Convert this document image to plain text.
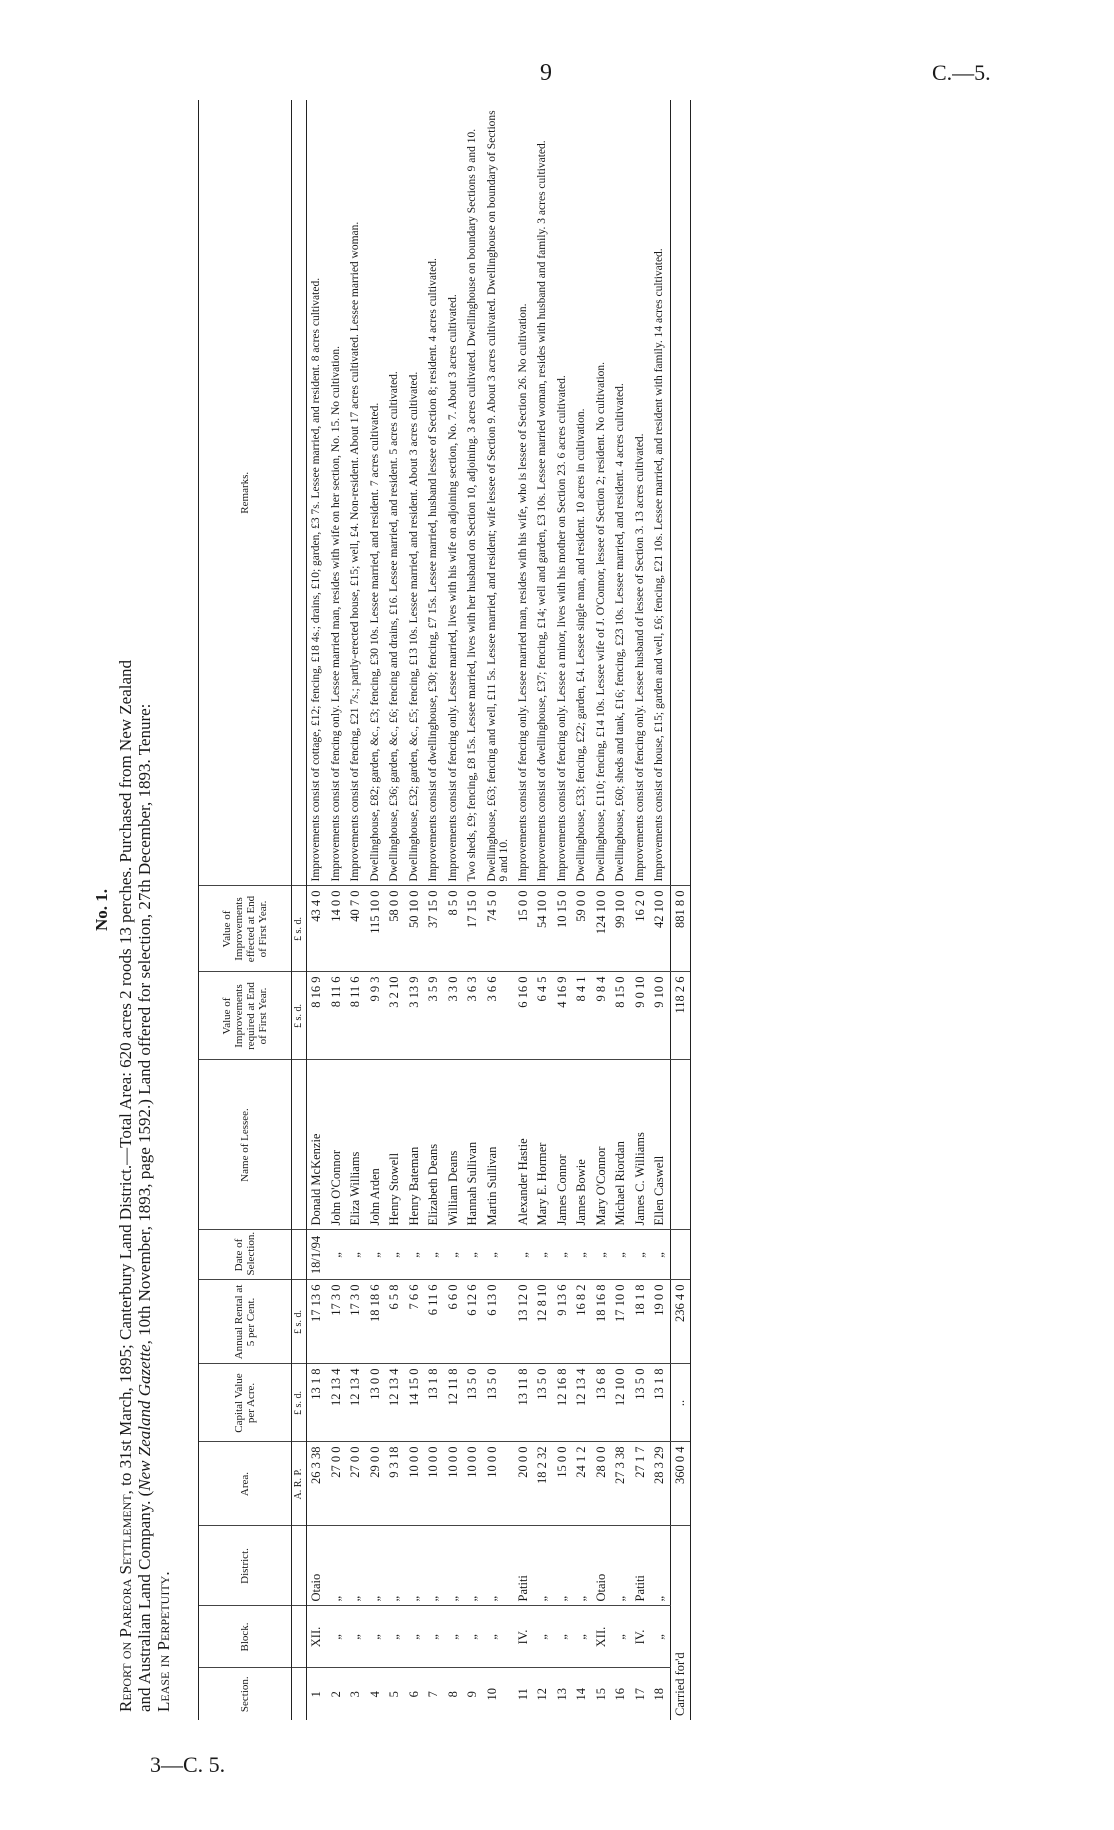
9	C.—5.
3—C. 5.
No. 1.
Report on Pareora Settlement, to 31st March, 1895; Canterbury Land District.—Total Area: 620 acres 2 roods 13 perches. Purchased from New Zealand
and Australian Land Company. (New Zealand Gazette, 10th November, 1893, page 1592.) Land offered for selection, 27th December, 1893. Tenure:
Lease in Perpetuity.	Section.	Block.	District.	Area.	Capital Value per Acre.	Annual Rental at 5 per Cent.	Date of Selection.	Name of Lessee.	Value of Improvements required at End of First Year.	Value of Improvements effected at End of First Year.	Remarks.
			A. R. P.	£ s. d.	£ s. d.			£ s. d.	£ s. d.	
1	XII.	Otaio	26 3 38	13 1 8	17 13 6	18/1/94	Donald McKenzie	8 16 9	43 4 0	Improvements consist of cottage, £12; fencing, £18 4s.; drains, £10; garden, £3 7s. Lessee married, and resident. 8 acres cultivated.
2	„	„	27 0 0	12 13 4	17 3 0	„	John O'Connor	8 11 6	14 0 0	Improvements consist of fencing only. Lessee married man, resides with wife on her section, No. 15. No cultivation.
3	„	„	27 0 0	12 13 4	17 3 0	„	Eliza Williams	8 11 6	40 7 0	Improvements consist of fencing, £21 7s.; partly-erected house, £15; well, £4. Non-resident. About 17 acres cultivated. Lessee married woman.
4	„	„	29 0 0	13 0 0	18 18 6	„	John Arden	9 9 3	115 10 0	Dwellinghouse, £82; garden, &c., £3; fencing, £30 10s. Lessee married, and resident. 7 acres cultivated.
5	„	„	9 3 18	12 13 4	6 5 8	„	Henry Stowell	3 2 10	58 0 0	Dwellinghouse, £36; garden, &c., £6; fencing and drains, £16. Lessee married, and resident. 5 acres cultivated.
6	„	„	10 0 0	14 15 0	7 6 6	„	Henry Bateman	3 13 9	50 10 0	Dwellinghouse, £32; garden, &c., £5; fencing, £13 10s. Lessee married, and resident. About 3 acres cultivated.
7	„	„	10 0 0	13 1 8	6 11 6	„	Elizabeth Deans	3 5 9	37 15 0	Improvements consist of dwellinghouse, £30; fencing, £7 15s. Lessee married, husband lessee of Section 8; resident. 4 acres cultivated.
8	„	„	10 0 0	12 11 8	6 6 0	„	William Deans	3 3 0	8 5 0	Improvements consist of fencing only. Lessee married, lives with his wife on adjoining section, No. 7. About 3 acres cultivated.
9	„	„	10 0 0	13 5 0	6 12 6	„	Hannah Sullivan	3 6 3	17 15 0	Two sheds, £9; fencing, £8 15s. Lessee married, lives with her husband on Section 10, adjoining. 3 acres cultivated. Dwellinghouse on boundary Sections 9 and 10.
10	„	„	10 0 0	13 5 0	6 13 0	„	Martin Sullivan	3 6 6	74 5 0	Dwellinghouse, £63; fencing and well, £11 5s. Lessee married, and resident; wife lessee of Section 9. About 3 acres cultivated. Dwellinghouse on boundary of Sections 9 and 10.
11	IV.	Patiti	20 0 0	13 11 8	13 12 0	„	Alexander Hastie	6 16 0	15 0 0	Improvements consist of fencing only. Lessee married man, resides with his wife, who is lessee of Section 26. No cultivation.
12	„	„	18 2 32	13 5 0	12 8 10	„	Mary E. Hormer	6 4 5	54 10 0	Improvements consist of dwellinghouse, £37; fencing, £14; well and garden, £3 10s. Lessee married woman, resides with husband and family. 3 acres cultivated.
13	„	„	15 0 0	12 16 8	9 13 6	„	James Connor	4 16 9	10 15 0	Improvements consist of fencing only. Lessee a minor, lives with his mother on Section 23. 6 acres cultivated.
14	„	„	24 1 2	12 13 4	16 8 2	„	James Bowie	8 4 1	59 0 0	Dwellinghouse, £33; fencing, £22; garden, £4. Lessee single man, and resident. 10 acres in cultivation.
15	XII.	Otaio	28 0 0	13 6 8	18 16 8	„	Mary O'Connor	9 8 4	124 10 0	Dwellinghouse, £110; fencing, £14 10s. Lessee wife of J. O'Connor, lessee of Section 2; resident. No cultivation.
16	„	„	27 3 38	12 10 0	17 10 0	„	Michael Riordan	8 15 0	99 10 0	Dwellinghouse, £60; sheds and tank, £16; fencing, £23 10s. Lessee married, and resident. 4 acres cultivated.
17	IV.	Patiti	27 1 7	13 5 0	18 1 8	„	James C. Williams	9 0 10	16 2 0	Improvements consist of fencing only. Lessee husband of lessee of Section 3. 13 acres cultivated.
18	„	„	28 3 29	13 1 8	19 0 0	„	Ellen Caswell	9 10 0	42 10 0	Improvements consist of house, £15; garden and well, £6; fencing, £21 10s. Lessee married, and resident with family. 14 acres cultivated.
Carried for'd			360 0 4	..	236 4 0			118 2 6	881 8 0	
